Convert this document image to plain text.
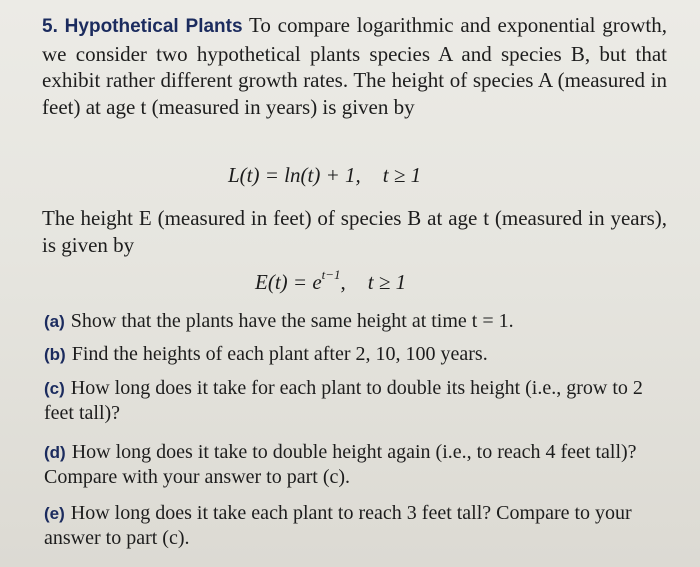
5. Hypothetical Plants To compare logarithmic and exponential growth, we consider two hypothetical plants species A and species B, but that exhibit rather different growth rates. The height of species A (measured in feet) at age t (measured in years) is given by
L(t) = ln(t) + 1, t ≥ 1
The height E (measured in feet) of species B at age t (measured in years), is given by
$E(t) = e^{t-1}$, t ≥ 1
(a) Show that the plants have the same height at time t = 1.
(b) Find the heights of each plant after 2, 10, 100 years.
(c) How long does it take for each plant to double its height (i.e., grow to 2 feet tall)?
(d) How long does it take to double height again (i.e., to reach 4 feet tall)? Compare with your answer to part (c).
(e) How long does it take each plant to reach 3 feet tall? Compare to your answer to part (c).
